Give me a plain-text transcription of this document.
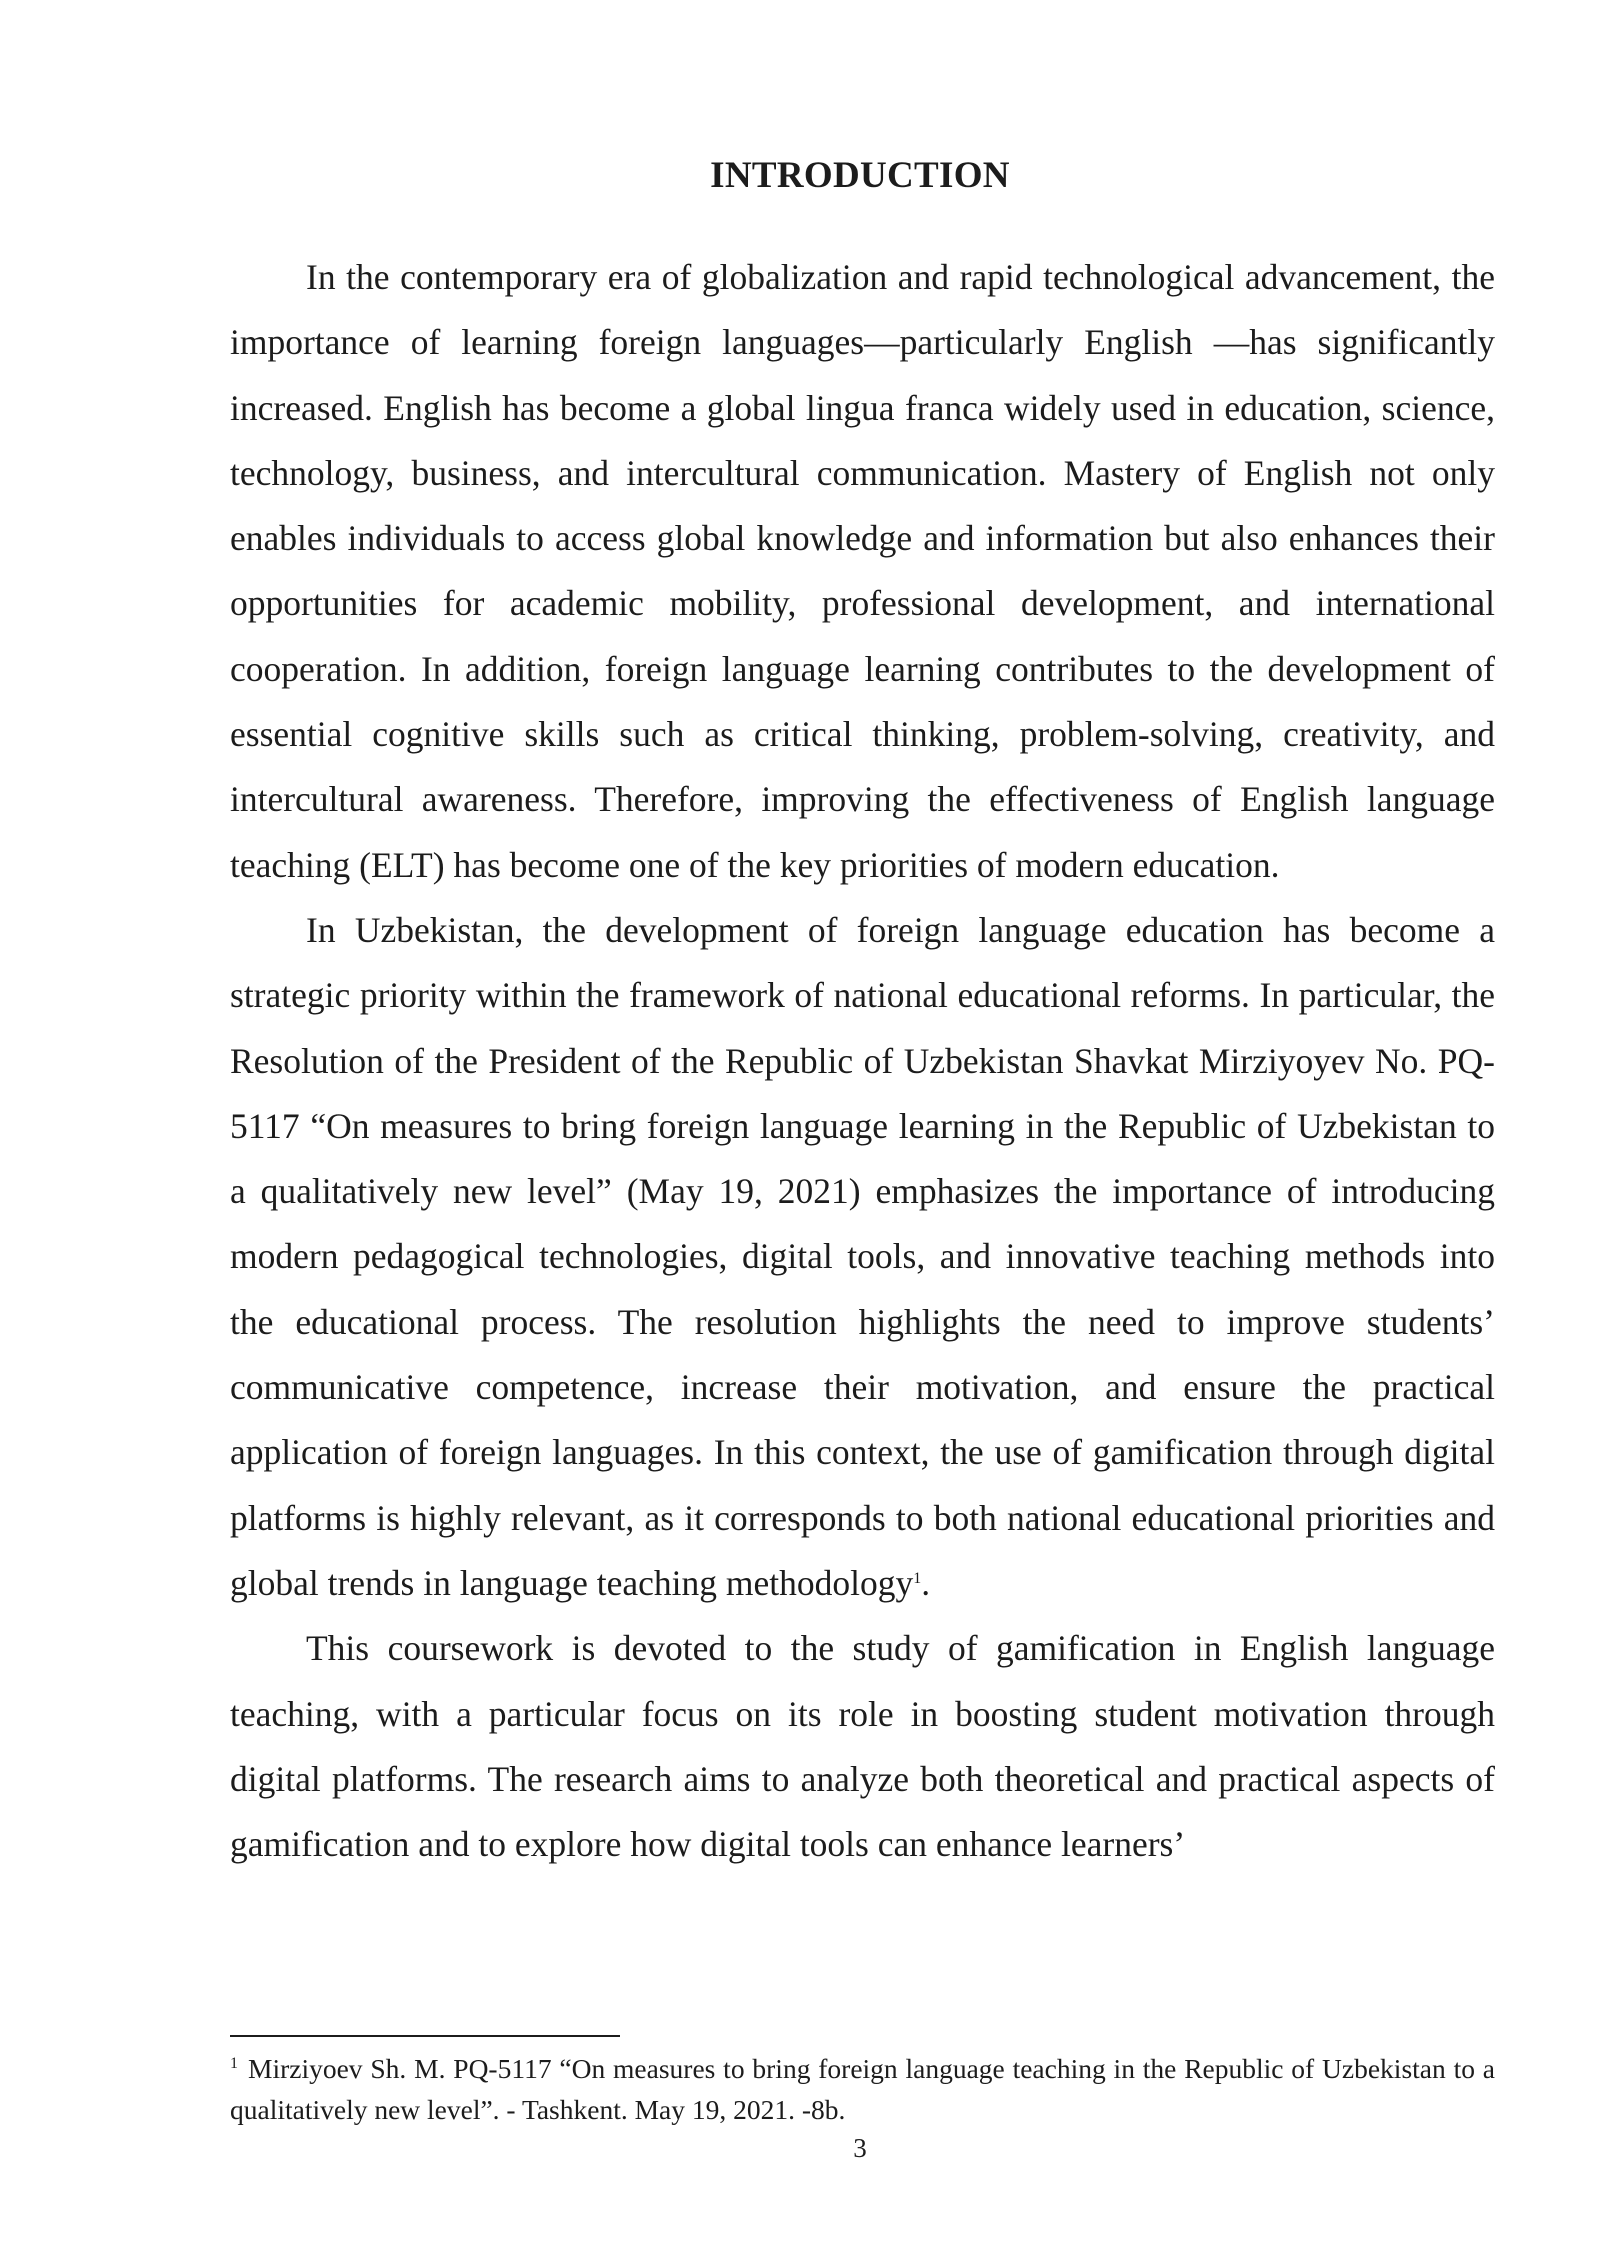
INTRODUCTION

In the contemporary era of globalization and rapid technological advancement, the importance of learning foreign languages—particularly English —has significantly increased. English has become a global lingua franca widely used in education, science, technology, business, and intercultural communication. Mastery of English not only enables individuals to access global knowledge and information but also enhances their opportunities for academic mobility, professional development, and international cooperation. In addition, foreign language learning contributes to the development of essential cognitive skills such as critical thinking, problem-solving, creativity, and intercultural awareness. Therefore, improving the effectiveness of English language teaching (ELT) has become one of the key priorities of modern education.

In Uzbekistan, the development of foreign language education has become a strategic priority within the framework of national educational reforms. In particular, the Resolution of the President of the Republic of Uzbekistan Shavkat Mirziyoyev No. PQ-5117 “On measures to bring foreign language learning in the Republic of Uzbekistan to a qualitatively new level” (May 19, 2021) emphasizes the importance of introducing modern pedagogical technologies, digital tools, and innovative teaching methods into the educational process. The resolution highlights the need to improve students’ communicative competence, increase their motivation, and ensure the practical application of foreign languages. In this context, the use of gamification through digital platforms is highly relevant, as it corresponds to both national educational priorities and global trends in language teaching methodology$^1$.

This coursework is devoted to the study of gamification in English language teaching, with a particular focus on its role in boosting student motivation through digital platforms. The research aims to analyze both theoretical and practical aspects of gamification and to explore how digital tools can enhance learners’

$^1$ Mirziyoev Sh. M. PQ-5117 “On measures to bring foreign language teaching in the Republic of Uzbekistan to a qualitatively new level”. - Tashkent. May 19, 2021. -8b.

3
